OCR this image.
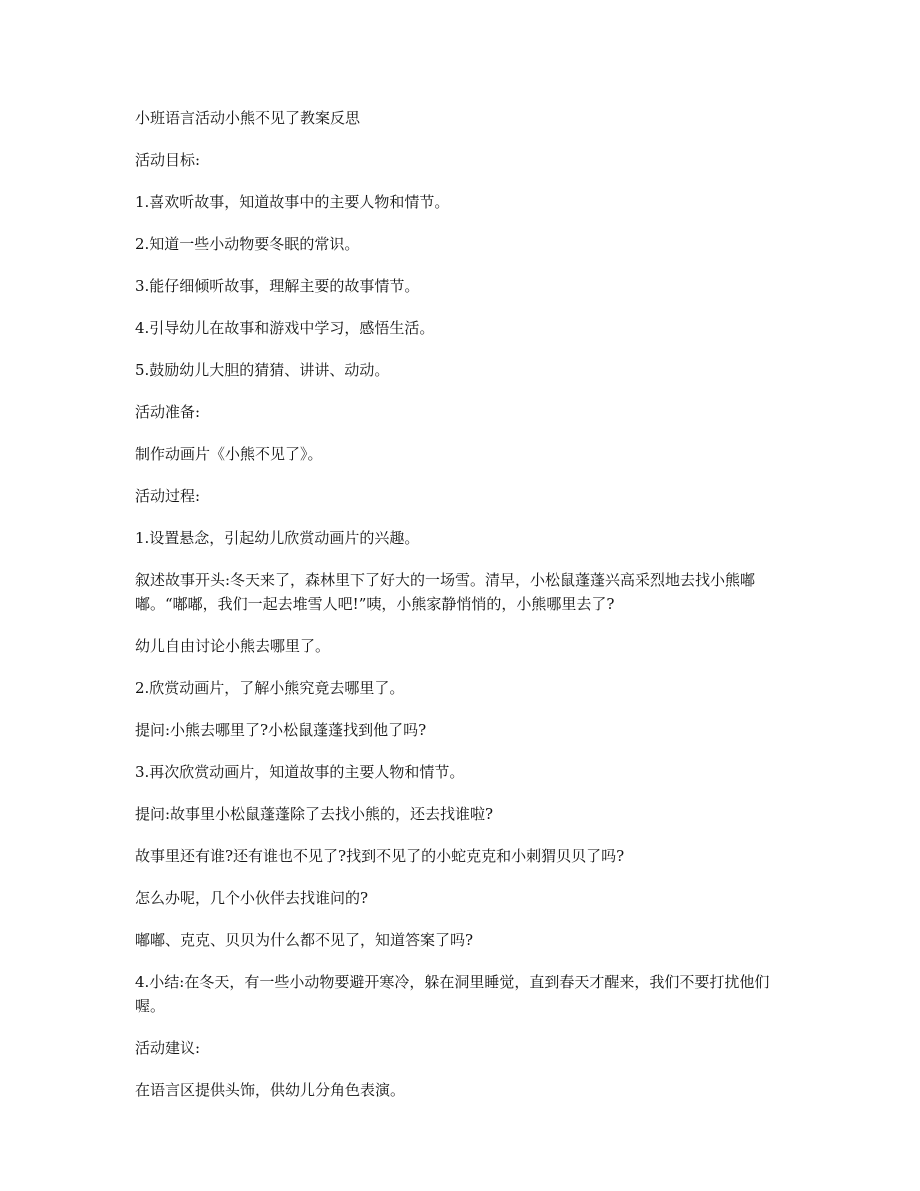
小班语言活动小熊不见了教案反思

活动目标:

1.喜欢听故事，知道故事中的主要人物和情节。

2.知道一些小动物要冬眠的常识。

3.能仔细倾听故事，理解主要的故事情节。

4.引导幼儿在故事和游戏中学习，感悟生活。

5.鼓励幼儿大胆的猜猜、讲讲、动动。

活动准备:

制作动画片《小熊不见了》。

活动过程:

1.设置悬念，引起幼儿欣赏动画片的兴趣。

叙述故事开头:冬天来了，森林里下了好大的一场雪。清早，小松鼠蓬蓬兴高采烈地去找小熊嘟嘟。“嘟嘟，我们一起去堆雪人吧!”咦，小熊家静悄悄的，小熊哪里去了?

幼儿自由讨论小熊去哪里了。

2.欣赏动画片，了解小熊究竟去哪里了。

提问:小熊去哪里了?小松鼠蓬蓬找到他了吗?

3.再次欣赏动画片，知道故事的主要人物和情节。

提问:故事里小松鼠蓬蓬除了去找小熊的，还去找谁啦?

故事里还有谁?还有谁也不见了?找到不见了的小蛇克克和小刺猬贝贝了吗?

怎么办呢，几个小伙伴去找谁问的?

嘟嘟、克克、贝贝为什么都不见了，知道答案了吗?

4.小结:在冬天，有一些小动物要避开寒冷，躲在洞里睡觉，直到春天才醒来，我们不要打扰他们喔。

活动建议:

在语言区提供头饰，供幼儿分角色表演。
